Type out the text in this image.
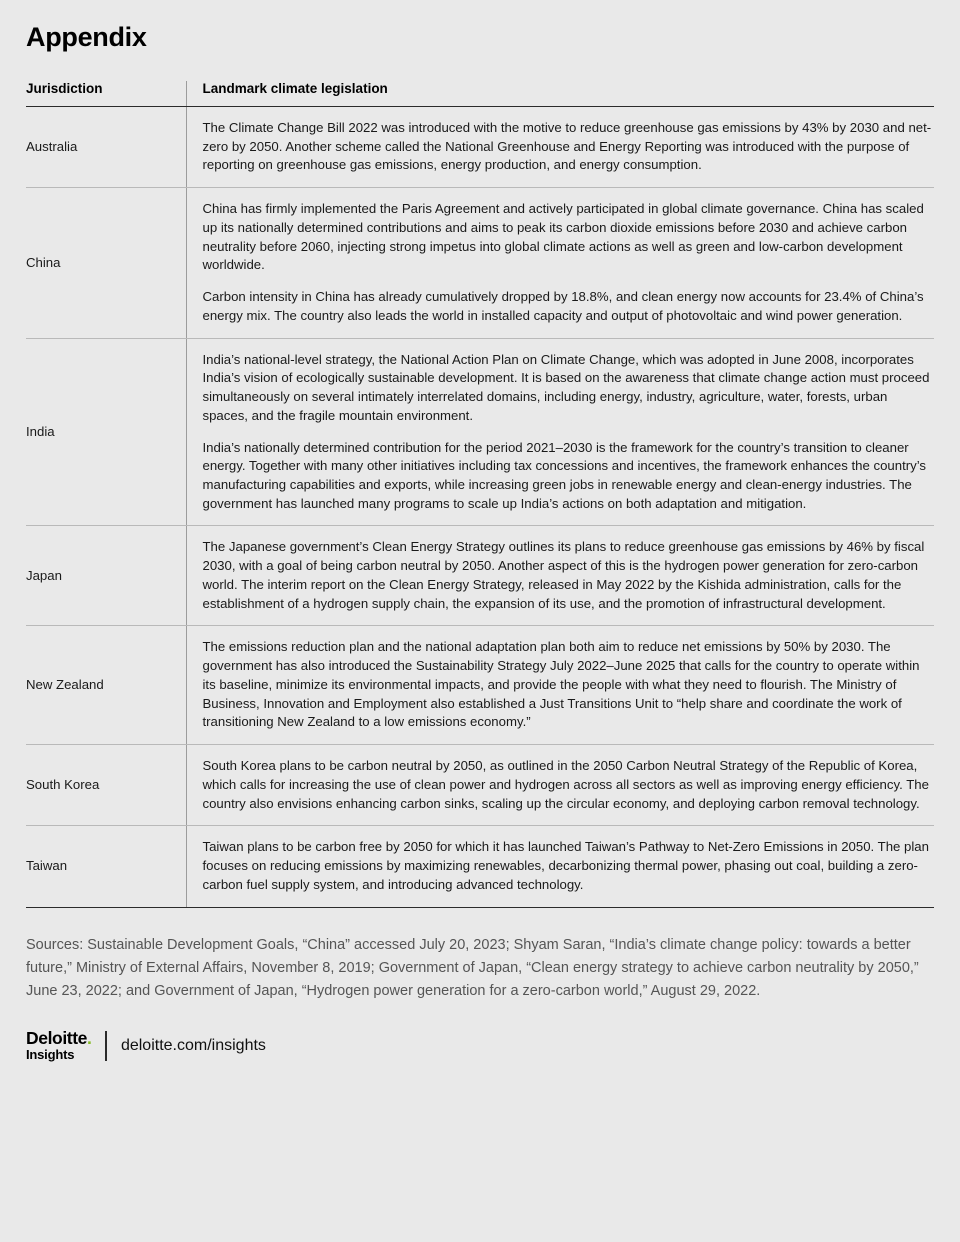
Appendix
Jurisdiction	Landmark climate legislation
Australia	The Climate Change Bill 2022 was introduced with the motive to reduce greenhouse gas emissions by 43% by 2030 and net-zero by 2050. Another scheme called the National Greenhouse and Energy Reporting was introduced with the purpose of reporting on greenhouse gas emissions, energy production, and energy consumption.

China	China has firmly implemented the Paris Agreement and actively participated in global climate governance. China has scaled up its nationally determined contributions and aims to peak its carbon dioxide emissions before 2030 and achieve carbon neutrality before 2060, injecting strong impetus into global climate actions as well as green and low-carbon development worldwide.

Carbon intensity in China has already cumulatively dropped by 18.8%, and clean energy now accounts for 23.4% of China’s energy mix. The country also leads the world in installed capacity and output of photovoltaic and wind power generation.

India	India’s national-level strategy, the National Action Plan on Climate Change, which was adopted in June 2008, incorporates India’s vision of ecologically sustainable development. It is based on the awareness that climate change action must proceed simultaneously on several intimately interrelated domains, including energy, industry, agriculture, water, forests, urban spaces, and the fragile mountain environment.

India’s nationally determined contribution for the period 2021–2030 is the framework for the country’s transition to cleaner energy. Together with many other initiatives including tax concessions and incentives, the framework enhances the country’s manufacturing capabilities and exports, while increasing green jobs in renewable energy and clean-energy industries. The government has launched many programs to scale up India’s actions on both adaptation and mitigation.

Japan	The Japanese government’s Clean Energy Strategy outlines its plans to reduce greenhouse gas emissions by 46% by fiscal 2030, with a goal of being carbon neutral by 2050. Another aspect of this is the hydrogen power generation for zero-carbon world. The interim report on the Clean Energy Strategy, released in May 2022 by the Kishida administration, calls for the establishment of a hydrogen supply chain, the expansion of its use, and the promotion of infrastructural development.

New Zealand	The emissions reduction plan and the national adaptation plan both aim to reduce net emissions by 50% by 2030. The government has also introduced the Sustainability Strategy July 2022–June 2025 that calls for the country to operate within its baseline, minimize its environmental impacts, and provide the people with what they need to flourish. The Ministry of Business, Innovation and Employment also established a Just Transitions Unit to “help share and coordinate the work of transitioning New Zealand to a low emissions economy.”

South Korea	South Korea plans to be carbon neutral by 2050, as outlined in the 2050 Carbon Neutral Strategy of the Republic of Korea, which calls for increasing the use of clean power and hydrogen across all sectors as well as improving energy efficiency. The country also envisions enhancing carbon sinks, scaling up the circular economy, and deploying carbon removal technology.

Taiwan	Taiwan plans to be carbon free by 2050 for which it has launched Taiwan’s Pathway to Net-Zero Emissions in 2050. The plan focuses on reducing emissions by maximizing renewables, decarbonizing thermal power, phasing out coal, building a zero-carbon fuel supply system, and introducing advanced technology.

Sources: Sustainable Development Goals, “China” accessed July 20, 2023; Shyam Saran, “India’s climate change policy: towards a better future,” Ministry of External Affairs, November 8, 2019; Government of Japan, “Clean energy strategy to achieve carbon neutrality by 2050,” June 23, 2022; and Government of Japan, “Hydrogen power generation for a zero-carbon world,” August 29, 2022.
Deloitte.
Insights
deloitte.com/insights
